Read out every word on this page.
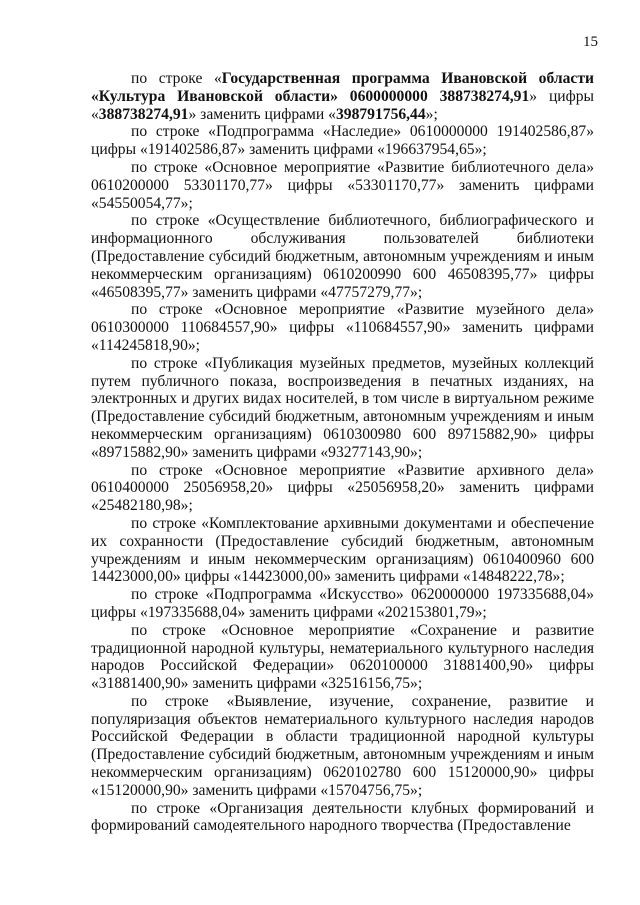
15

по строке «Государственная программа Ивановской области «Культура Ивановской области» 0600000000 388738274,91» цифры «388738274,91» заменить цифрами «398791756,44»;

по строке «Подпрограмма «Наследие» 0610000000 191402586,87» цифры «191402586,87» заменить цифрами «196637954,65»;

по строке «Основное мероприятие «Развитие библиотечного дела» 0610200000 53301170,77» цифры «53301170,77» заменить цифрами «54550054,77»;

по строке «Осуществление библиотечного, библиографического и информационного обслуживания пользователей библиотеки (Предоставление субсидий бюджетным, автономным учреждениям и иным некоммерческим организациям) 0610200990 600 46508395,77» цифры «46508395,77» заменить цифрами «47757279,77»;

по строке «Основное мероприятие «Развитие музейного дела» 0610300000 110684557,90» цифры «110684557,90» заменить цифрами «114245818,90»;

по строке «Публикация музейных предметов, музейных коллекций путем публичного показа, воспроизведения в печатных изданиях, на электронных и других видах носителей, в том числе в виртуальном режиме (Предоставление субсидий бюджетным, автономным учреждениям и иным некоммерческим организациям) 0610300980 600 89715882,90» цифры «89715882,90» заменить цифрами «93277143,90»;

по строке «Основное мероприятие «Развитие архивного дела» 0610400000 25056958,20» цифры «25056958,20» заменить цифрами «25482180,98»;

по строке «Комплектование архивными документами и обеспечение их сохранности (Предоставление субсидий бюджетным, автономным учреждениям и иным некоммерческим организациям) 0610400960 600 14423000,00» цифры «14423000,00» заменить цифрами «14848222,78»;

по строке «Подпрограмма «Искусство» 0620000000 197335688,04» цифры «197335688,04» заменить цифрами «202153801,79»;

по строке «Основное мероприятие «Сохранение и развитие традиционной народной культуры, нематериального культурного наследия народов Российской Федерации» 0620100000 31881400,90» цифры «31881400,90» заменить цифрами «32516156,75»;

по строке «Выявление, изучение, сохранение, развитие и популяризация объектов нематериального культурного наследия народов Российской Федерации в области традиционной народной культуры (Предоставление субсидий бюджетным, автономным учреждениям и иным некоммерческим организациям) 0620102780 600 15120000,90» цифры «15120000,90» заменить цифрами «15704756,75»;

по строке «Организация деятельности клубных формирований и формирований самодеятельного народного творчества (Предоставление
